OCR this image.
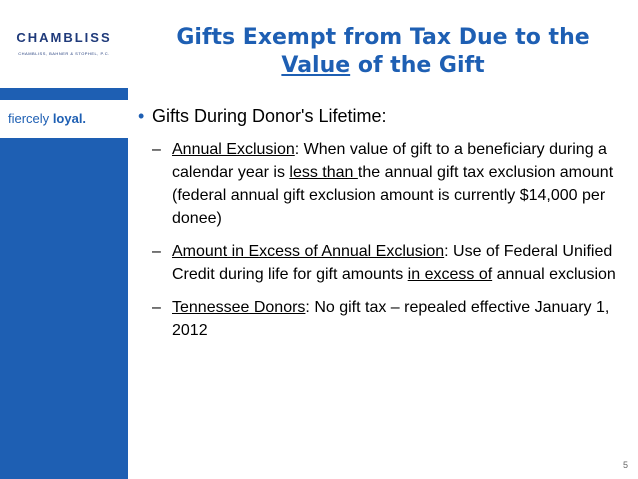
CHAMBLISS
CHAMBLISS, BAHNER & STOPHEL, P.C.
fiercely loyal.
Gifts Exempt from Tax Due to the
Value of the Gift
• Gifts During Donor's Lifetime:
– Annual Exclusion: When value of gift to a beneficiary during a calendar year is less than the annual gift tax exclusion amount (federal annual gift exclusion amount is currently $14,000 per donee)
– Amount in Excess of Annual Exclusion: Use of Federal Unified Credit during life for gift amounts in excess of annual exclusion
– Tennessee Donors: No gift tax – repealed effective January 1, 2012
5
